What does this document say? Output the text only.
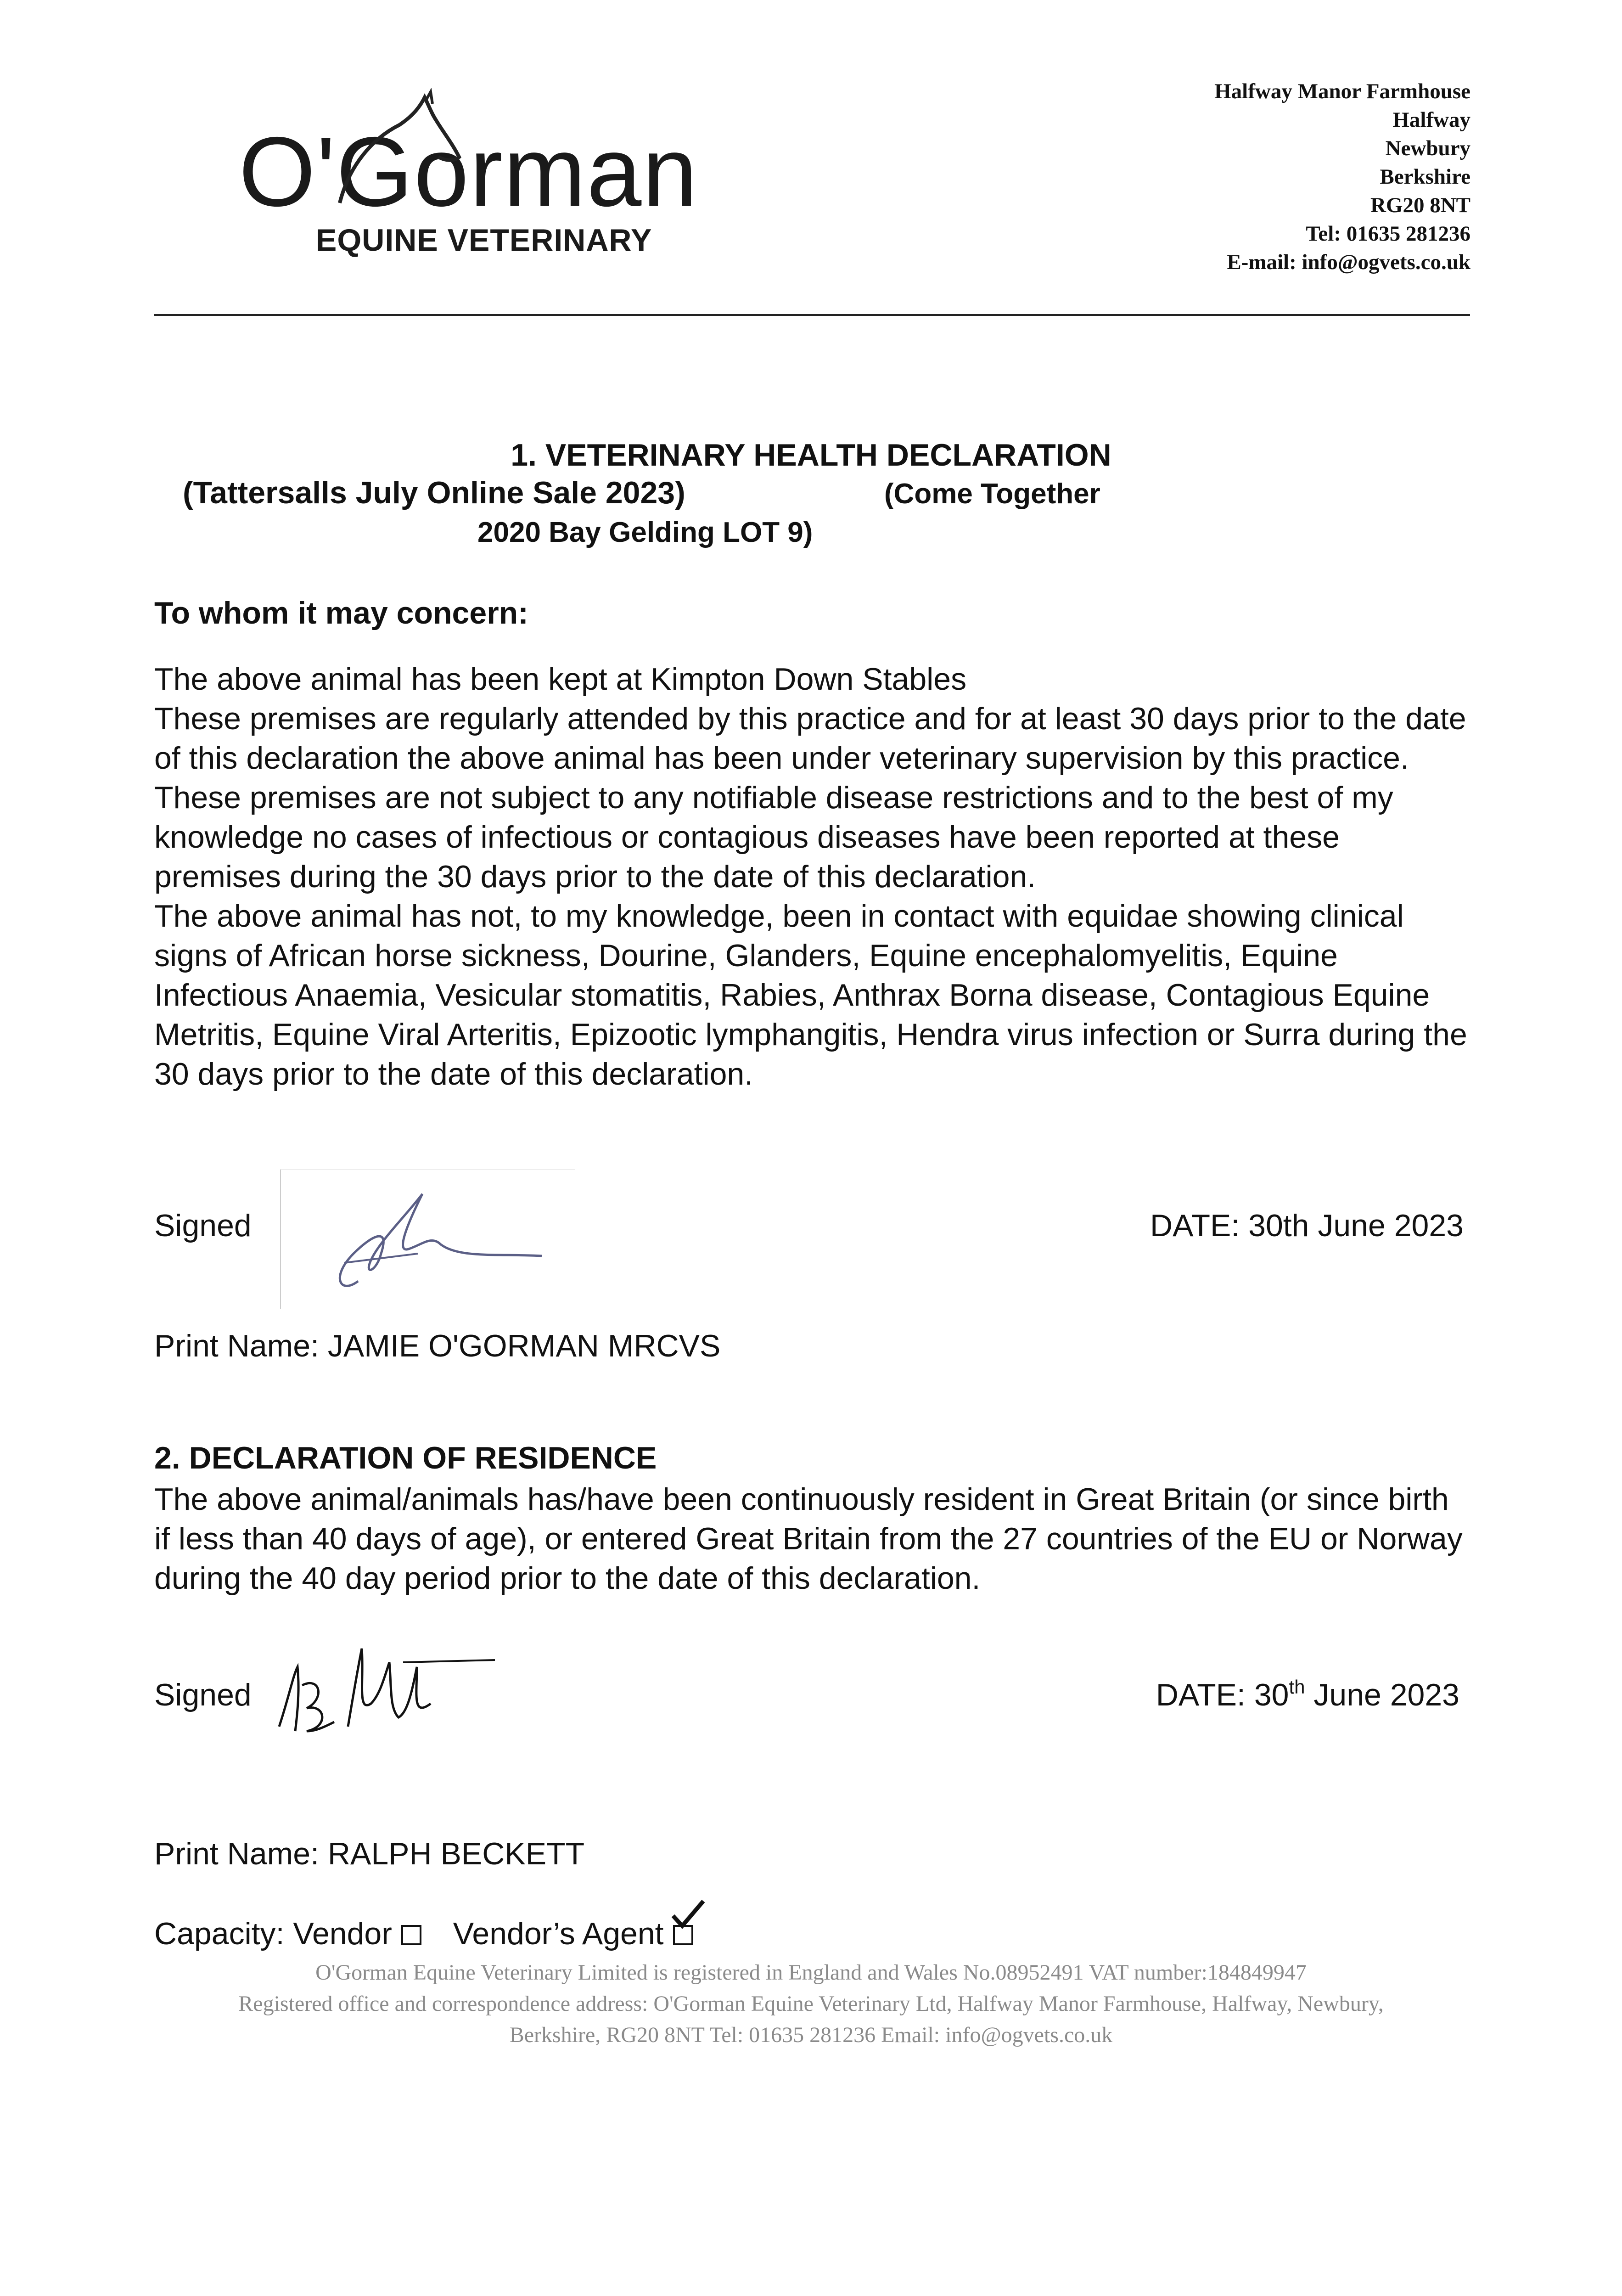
O'Gorman
EQUINE VETERINARY
Halfway Manor Farmhouse
Halfway
Newbury
Berkshire
RG20 8NT
Tel: 01635 281236
E-mail: info@ogvets.co.uk
1. VETERINARY HEALTH DECLARATION
(Tattersalls July Online Sale 2023)	(Come Together
2020 Bay Gelding LOT 9)
To whom it may concern:

The above animal has been kept at Kimpton Down Stables

These premises are regularly attended by this practice and for at least 30 days prior to the date of this declaration the above animal has been under veterinary supervision by this practice.

These premises are not subject to any notifiable disease restrictions and to the best of my knowledge no cases of infectious or contagious diseases have been reported at these premises during the 30 days prior to the date of this declaration.

The above animal has not, to my knowledge, been in contact with equidae showing clinical signs of African horse sickness, Dourine, Glanders, Equine encephalomyelitis, Equine Infectious Anaemia, Vesicular stomatitis, Rabies, Anthrax Borna disease, Contagious Equine Metritis, Equine Viral Arteritis, Epizootic lymphangitis, Hendra virus infection or Surra during the 30 days prior to the date of this declaration.

Signed	DATE: 30th June 2023
Print Name: JAMIE O'GORMAN MRCVS
2. DECLARATION OF RESIDENCE
The above animal/animals has/have been continuously resident in Great Britain (or since birth if less than 40 days of age), or entered Great Britain from the 27 countries of the EU or Norway during the 40 day period prior to the date of this declaration.
Signed	DATE: 30th June 2023
Print Name: RALPH BECKETT
Capacity: Vendor Vendor’s Agent
O'Gorman Equine Veterinary Limited is registered in England and Wales No.08952491 VAT number:184849947
Registered office and correspondence address: O'Gorman Equine Veterinary Ltd, Halfway Manor Farmhouse, Halfway, Newbury,
Berkshire, RG20 8NT Tel: 01635 281236 Email: info@ogvets.co.uk
